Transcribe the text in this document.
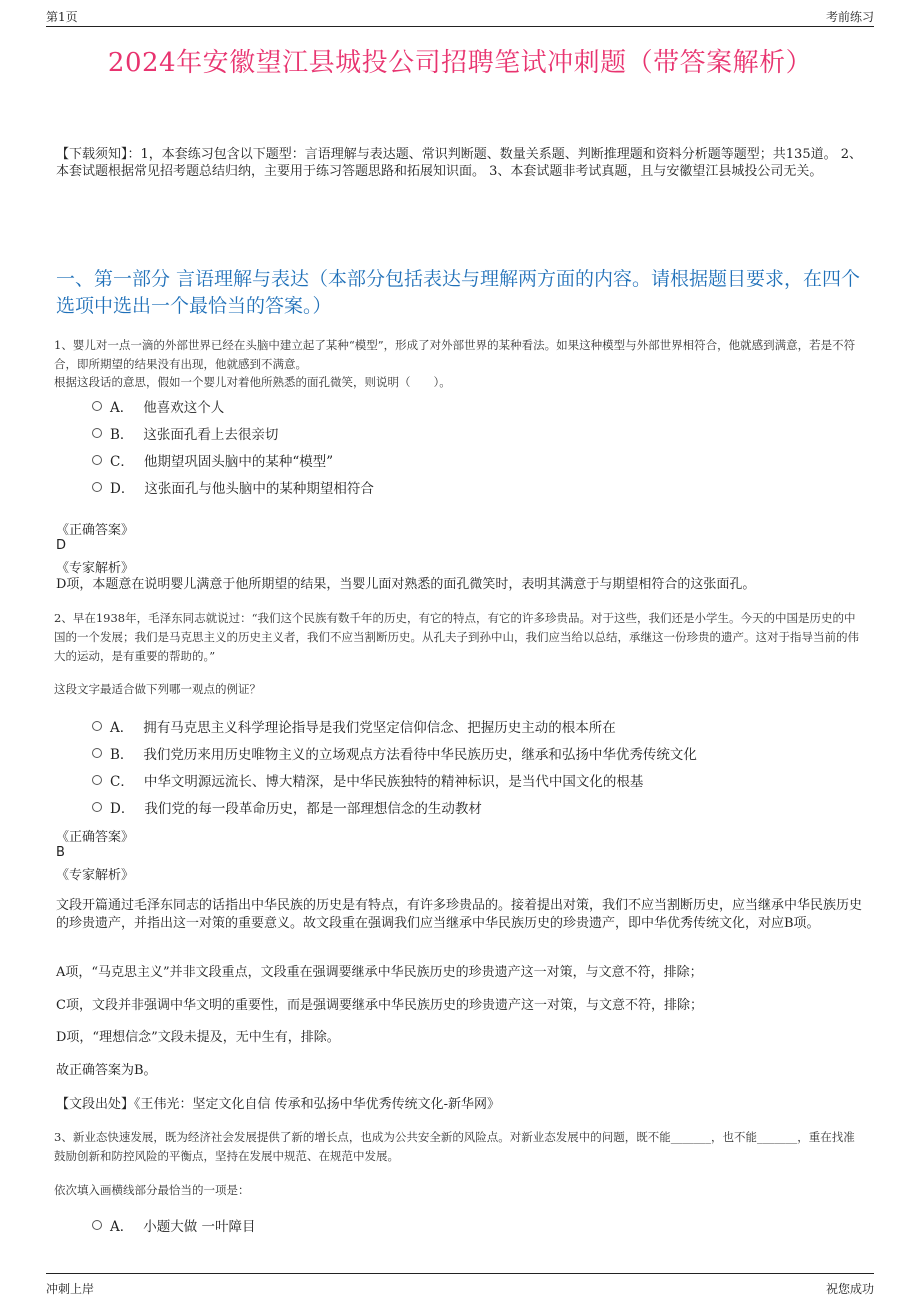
第1页	考前练习
2024年安徽望江县城投公司招聘笔试冲刺题（带答案解析）
【下载须知】：1，本套练习包含以下题型：言语理解与表达题、常识判断题、数量关系题、判断推理题和资料分析题等题型；共135道。 2、本套试题根据常见招考题总结归纳，主要用于练习答题思路和拓展知识面。 3、本套试题非考试真题，且与安徽望江县城投公司无关。
一、第一部分 言语理解与表达（本部分包括表达与理解两方面的内容。请根据题目要求，在四个选项中选出一个最恰当的答案。）
1、婴儿对一点一滴的外部世界已经在头脑中建立起了某种“模型”，形成了对外部世界的某种看法。如果这种模型与外部世界相符合，他就感到满意，若是不符合，即所期望的结果没有出现，他就感到不满意。
根据这段话的意思，假如一个婴儿对着他所熟悉的面孔微笑，则说明（　　）。
A． 他喜欢这个人
B． 这张面孔看上去很亲切
C． 他期望巩固头脑中的某种“模型”
D． 这张面孔与他头脑中的某种期望相符合
《正确答案》
D
《专家解析》
D项，本题意在说明婴儿满意于他所期望的结果，当婴儿面对熟悉的面孔微笑时，表明其满意于与期望相符合的这张面孔。
2、早在1938年，毛泽东同志就说过：“我们这个民族有数千年的历史，有它的特点，有它的许多珍贵品。对于这些，我们还是小学生。今天的中国是历史的中国的一个发展；我们是马克思主义的历史主义者，我们不应当割断历史。从孔夫子到孙中山，我们应当给以总结，承继这一份珍贵的遗产。这对于指导当前的伟大的运动，是有重要的帮助的。”
这段文字最适合做下列哪一观点的例证？
A． 拥有马克思主义科学理论指导是我们党坚定信仰信念、把握历史主动的根本所在
B． 我们党历来用历史唯物主义的立场观点方法看待中华民族历史，继承和弘扬中华优秀传统文化
C． 中华文明源远流长、博大精深，是中华民族独特的精神标识，是当代中国文化的根基
D． 我们党的每一段革命历史，都是一部理想信念的生动教材
《正确答案》
B
《专家解析》
文段开篇通过毛泽东同志的话指出中华民族的历史是有特点，有许多珍贵品的。接着提出对策，我们不应当割断历史，应当继承中华民族历史的珍贵遗产，并指出这一对策的重要意义。故文段重在强调我们应当继承中华民族历史的珍贵遗产，即中华优秀传统文化，对应B项。
A项，“马克思主义”并非文段重点，文段重在强调要继承中华民族历史的珍贵遗产这一对策，与文意不符，排除；
C项，文段并非强调中华文明的重要性，而是强调要继承中华民族历史的珍贵遗产这一对策，与文意不符，排除；
D项，“理想信念”文段未提及，无中生有，排除。
故正确答案为B。
【文段出处】《王伟光：坚定文化自信 传承和弘扬中华优秀传统文化-新华网》
3、新业态快速发展，既为经济社会发展提供了新的增长点，也成为公共安全新的风险点。对新业态发展中的问题，既不能_______，也不能_______，重在找准鼓励创新和防控风险的平衡点，坚持在发展中规范、在规范中发展。
依次填入画横线部分最恰当的一项是：
A． 小题大做 一叶障目
冲刺上岸	祝您成功
